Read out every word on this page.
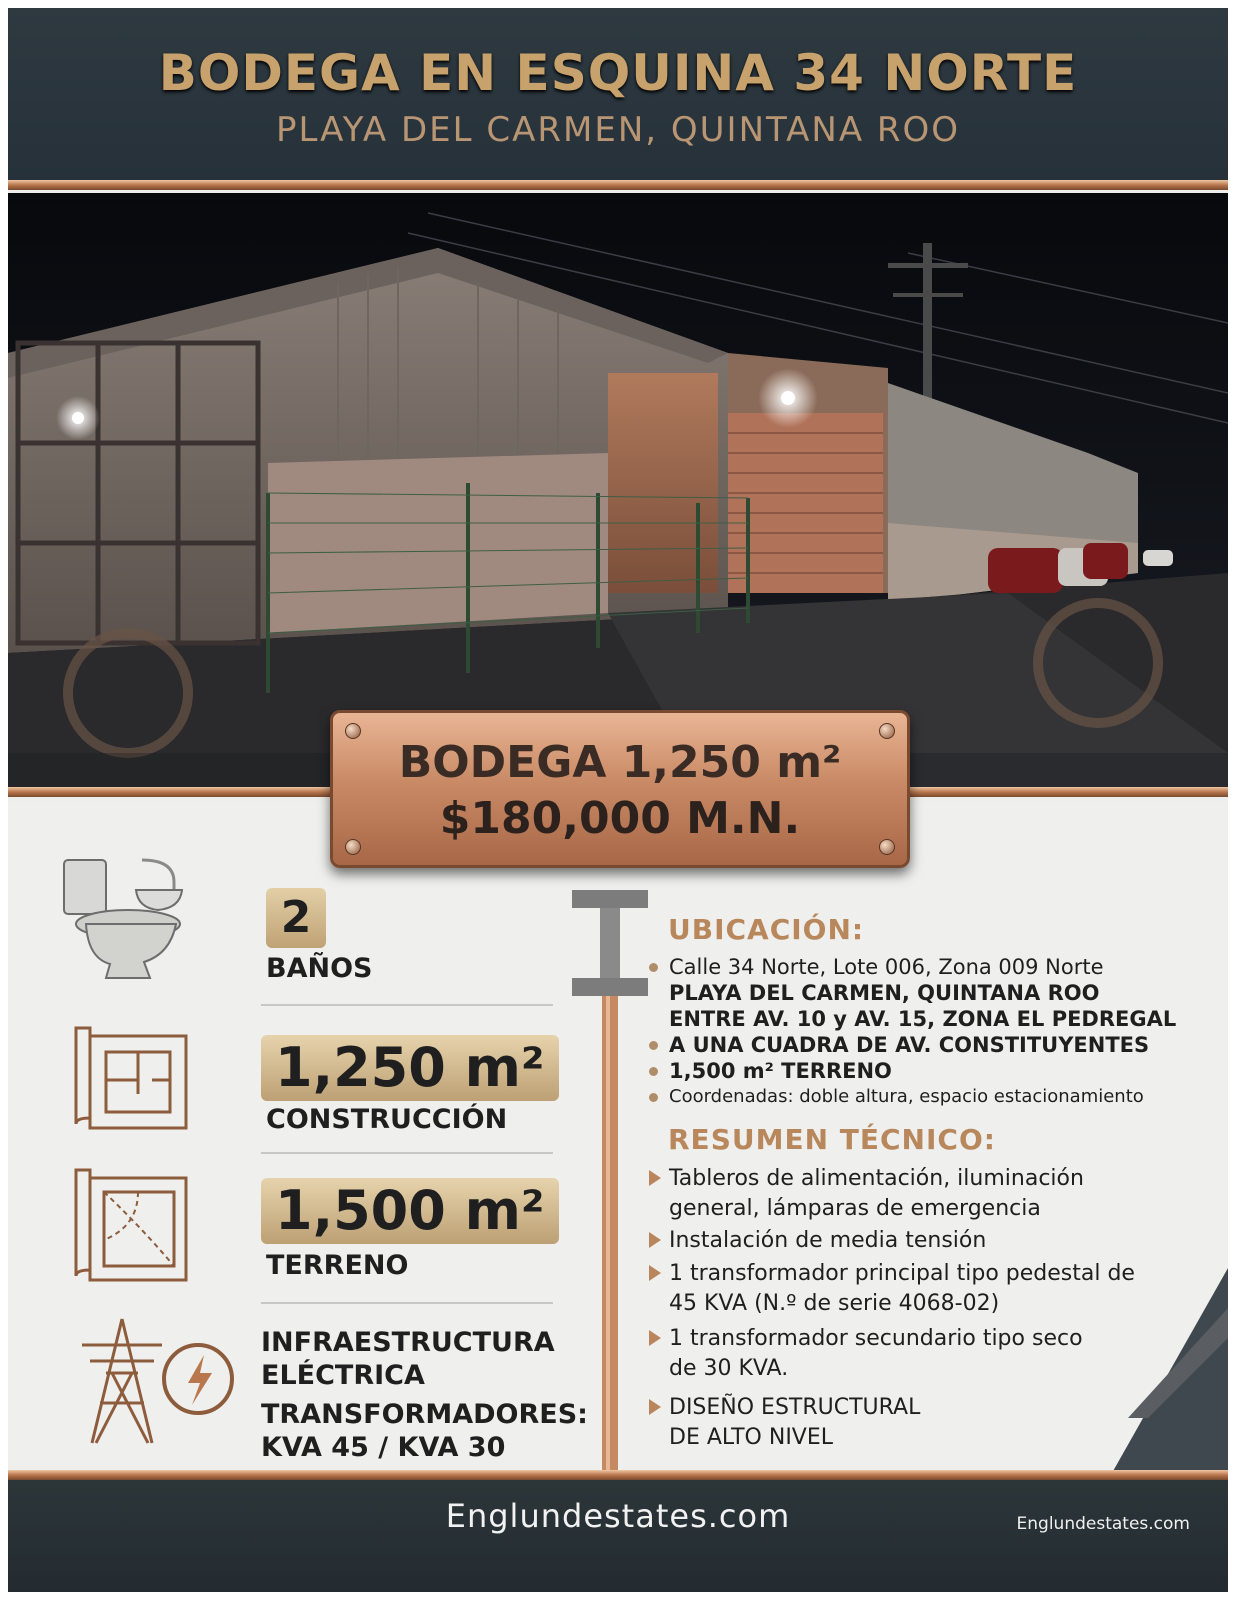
BODEGA EN ESQUINA 34 NORTE
PLAYA DEL CARMEN, QUINTANA ROO
BODEGA 1,250 m²
$180,000 M.N.
2
BAÑOS
1,250 m²
CONSTRUCCIÓN
1,500 m²
TERRENO
INFRAESTRUCTURA
ELÉCTRICA
TRANSFORMADORES:
KVA 45 / KVA 30
UBICACIÓN:
Calle 34 Norte, Lote 006, Zona 009 Norte
PLAYA DEL CARMEN, QUINTANA ROO
ENTRE AV. 10 y AV. 15, ZONA EL PEDREGAL
A UNA CUADRA DE AV. CONSTITUYENTES
1,500 m² TERRENO
Coordenadas: doble altura, espacio estacionamiento
RESUMEN TÉCNICO:
Tableros de alimentación, iluminación
general, lámparas de emergencia
Instalación de media tensión
1 transformador principal tipo pedestal de
45 KVA (N.º de serie 4068-02)
1 transformador secundario tipo seco
de 30 KVA.
DISEÑO ESTRUCTURAL
DE ALTO NIVEL
Englundestates.com	Englundestates.com
